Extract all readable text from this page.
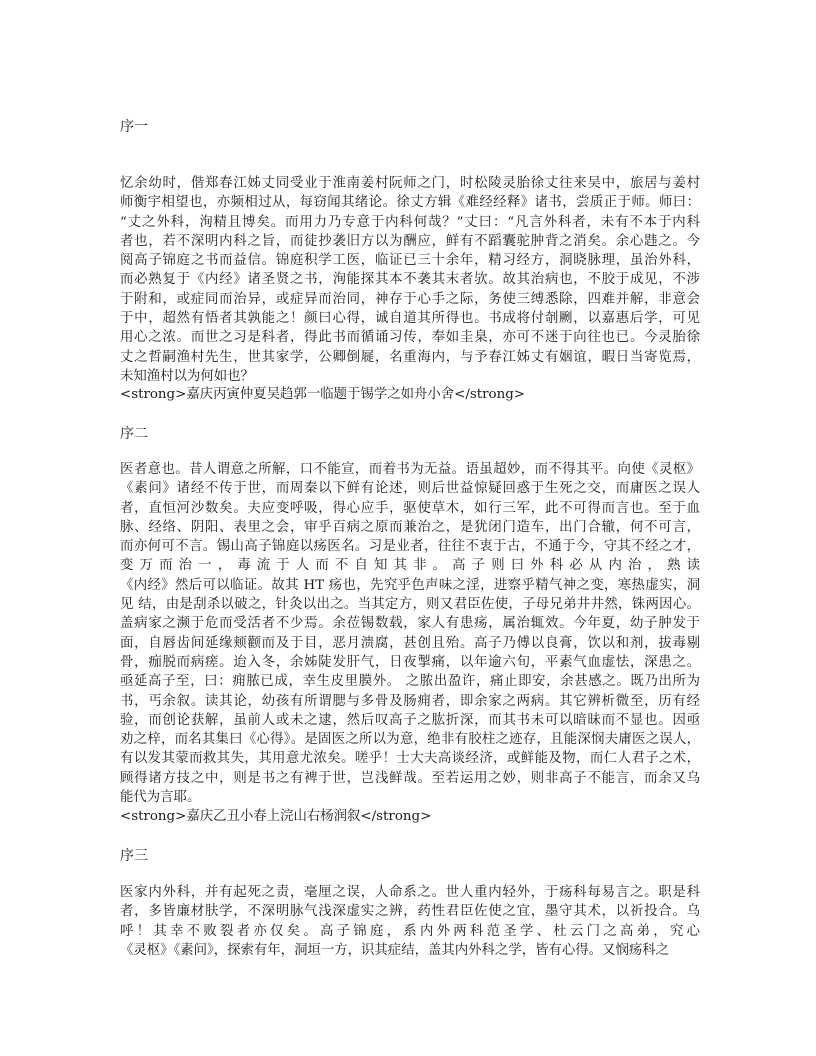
序一
忆余幼时，偕郑春江姊丈同受业于淮南姜村阮师之门，时松陵灵胎徐丈往来吴中，旅居与姜村
师衡宇相望也，亦频相过从，每窃闻其绪论。徐丈方辑《难经经释》诸书，尝质正于师。师曰：
“丈之外科，洵精且博矣。而用力乃专意于内科何哉？”丈曰：“凡言外科者，未有不本于内科
者也，若不深明内科之旨，而徒抄袭旧方以为酬应，鲜有不蹈囊驼肿背之消矣。余心韪之。今
阅高子锦庭之书而益信。锦庭积学工医，临证已三十余年，精习经方，洞晓脉理，虽治外科，
而必熟复于《内经》诸圣贤之书，洵能探其本不袭其末者欤。故其治病也，不胶于成见，不涉
于附和，或症同而治异，或症异而治同，神存于心手之际，务使三缚悉除，四难并解，非意会
于中，超然有悟者其孰能之！颜曰心得，诚自道其所得也。书成将付剞劂，以嘉惠后学，可见
用心之浓。而世之习是科者，得此书而循诵习传，奉如圭臬，亦可不迷于向往也已。今灵胎徐
丈之哲嗣渔村先生，世其家学，公卿倒屣，名重海内，与予春江姊丈有姻谊，暇日当寄览焉，
未知渔村以为何如也？
<strong>嘉庆丙寅仲夏吴趋郭一临题于锡学之如舟小舍</strong>
序二
医者意也。昔人谓意之所解，口不能宣，而着书为无益。语虽超妙，而不得其平。向使《灵枢》
《素问》诸经不传于世，而周秦以下鲜有论述，则后世益惊疑回惑于生死之交，而庸医之误人
者，直恒河沙数矣。夫应变呼吸，得心应手，驱使草木，如行三军，此不可得而言也。至于血
脉、经络、阴阳、表里之会，审乎百病之原而兼治之，是犹闭门造车，出门合辙，何不可言，
而亦何可不言。锡山高子锦庭以疡医名。习是业者，往往不衷于古，不通于今，守其不经之才，
变万而治一，毒流于人而不自知其非。高子则曰外科必从内治，熟读
《内经》然后可以临证。故其 HT 疡也，先究乎色声味之淫，进察乎精气神之变，寒热虚实，洞
见 结，由是刮杀以破之，针灸以出之。当其定方，则又君臣佐使，子母兄弟井井然，铢两因心。
盖病家之濒于危而受活者不少焉。余莅锡数载，家人有患疡，属治辄效。今年夏，幼子肿发于
面，自唇齿间延缘颊颧而及于目，恶月溃腐，甚创且殆。高子乃傅以良膏，饮以和剂，拔毒剔
骨，痂脱而病瘥。迨入冬，余姊陡发肝气，日夜掣痛，以年逾六旬，平素气血虚怯，深患之。
亟延高子至，曰：痈脓已成，幸生皮里膜外。 之脓出盈许，痛止即安，余甚感之。既乃出所为
书，丐余叙。读其论，幼孩有所谓腮与多骨及肠痈者，即余家之两病。其它辨析微至，历有经
验，而创论获解，虽前人或未之逮，然后叹高子之肱折深，而其书未可以暗昧而不显也。因亟
劝之梓，而名其集曰《心得》。是固医之所以为意，绝非有胶柱之迹存，且能深悯夫庸医之误人，
有以发其蒙而救其失，其用意尤浓矣。嗟乎！士大夫高谈经济，或鲜能及物，而仁人君子之术，
顾得诸方技之中，则是书之有裨于世，岂浅鲜哉。至若运用之妙，则非高子不能言，而余又乌
能代为言耶。
<strong>嘉庆乙丑小春上浣山右杨润叙</strong>
序三
医家内外科，并有起死之责，毫厘之误，人命系之。世人重内轻外，于疡科每易言之。职是科
者，多皆廉材肤学，不深明脉气浅深虚实之辨，药性君臣佐使之宜，墨守其术，以祈投合。乌
呼！其幸不败裂者亦仅矣。高子锦庭，系内外两科范圣学、杜云门之高弟，究心
《灵枢》《素问》，探索有年，洞垣一方，识其症结，盖其内外科之学，皆有心得。又悯疡科之
